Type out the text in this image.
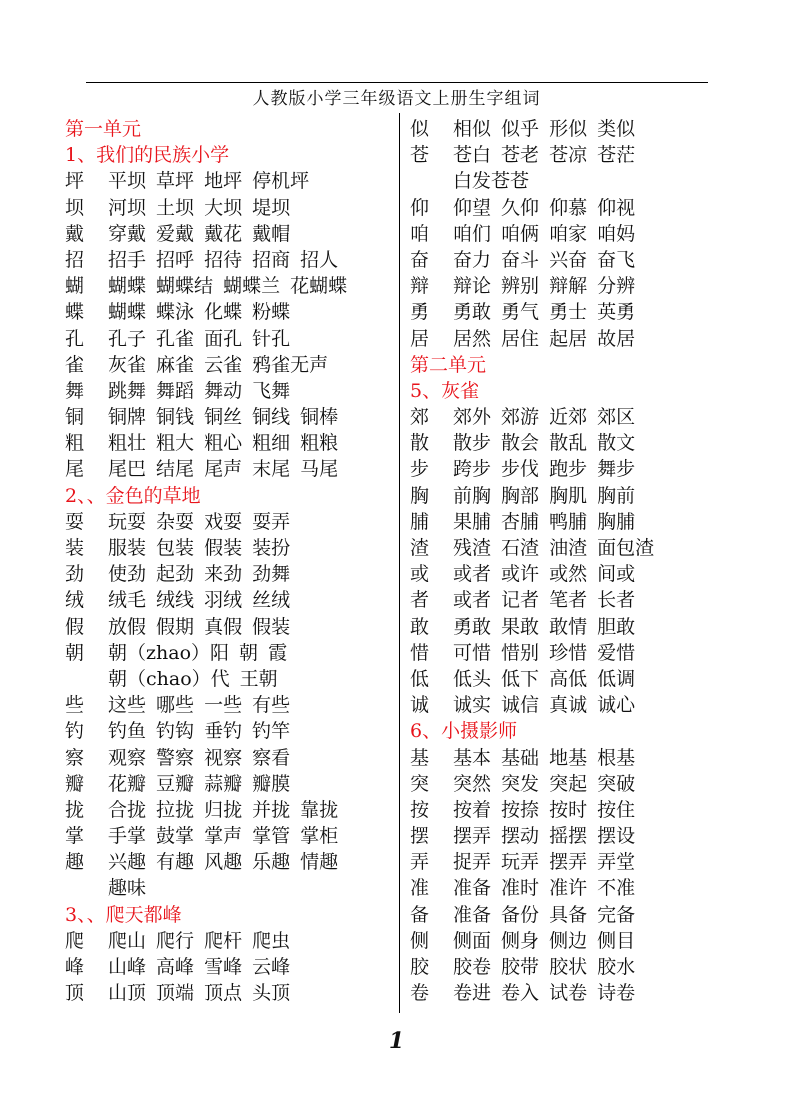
人教版小学三年级语文上册生字组词
第一单元
1、我们的民族小学
坪 平坝 草坪 地坪 停机坪
坝 河坝 土坝 大坝 堤坝
戴 穿戴 爱戴 戴花 戴帽
招 招手 招呼 招待 招商 招人
蝴 蝴蝶 蝴蝶结 蝴蝶兰 花蝴蝶
蝶 蝴蝶 蝶泳 化蝶 粉蝶
孔 孔子 孔雀 面孔 针孔
雀 灰雀 麻雀 云雀 鸦雀无声
舞 跳舞 舞蹈 舞动 飞舞
铜 铜牌 铜钱 铜丝 铜线 铜棒
粗 粗壮 粗大 粗心 粗细 粗粮
尾 尾巴 结尾 尾声 末尾 马尾
2、、金色的草地
耍 玩耍 杂耍 戏耍 耍弄
装 服装 包装 假装 装扮
劲 使劲 起劲 来劲 劲舞
绒 绒毛 绒线 羽绒 丝绒
假 放假 假期 真假 假装
朝 朝（zhao）阳 朝 霞
朝（chao）代 王朝
些 这些 哪些 一些 有些
钓 钓鱼 钓钩 垂钓 钓竿
察 观察 警察 视察 察看
瓣 花瓣 豆瓣 蒜瓣 瓣膜
拢 合拢 拉拢 归拢 并拢 靠拢
掌 手掌 鼓掌 掌声 掌管 掌柜
趣 兴趣 有趣 风趣 乐趣 情趣
趣味
3、、爬天都峰
爬 爬山 爬行 爬杆 爬虫
峰 山峰 高峰 雪峰 云峰
顶 山顶 顶端 顶点 头顶
似 相似 似乎 形似 类似
苍 苍白 苍老 苍凉 苍茫
白发苍苍
仰 仰望 久仰 仰慕 仰视
咱 咱们 咱俩 咱家 咱妈
奋 奋力 奋斗 兴奋 奋飞
辩 辩论 辨别 辩解 分辨
勇 勇敢 勇气 勇士 英勇
居 居然 居住 起居 故居
第二单元
5、灰雀
郊 郊外 郊游 近郊 郊区
散 散步 散会 散乱 散文
步 跨步 步伐 跑步 舞步
胸 前胸 胸部 胸肌 胸前
脯 果脯 杏脯 鸭脯 胸脯
渣 残渣 石渣 油渣 面包渣
或 或者 或许 或然 间或
者 或者 记者 笔者 长者
敢 勇敢 果敢 敢情 胆敢
惜 可惜 惜别 珍惜 爱惜
低 低头 低下 高低 低调
诚 诚实 诚信 真诚 诚心
6、小摄影师
基 基本 基础 地基 根基
突 突然 突发 突起 突破
按 按着 按捺 按时 按住
摆 摆弄 摆动 摇摆 摆设
弄 捉弄 玩弄 摆弄 弄堂
准 准备 准时 准许 不准
备 准备 备份 具备 完备
侧 侧面 侧身 侧边 侧目
胶 胶卷 胶带 胶状 胶水
卷 卷进 卷入 试卷 诗卷
1
